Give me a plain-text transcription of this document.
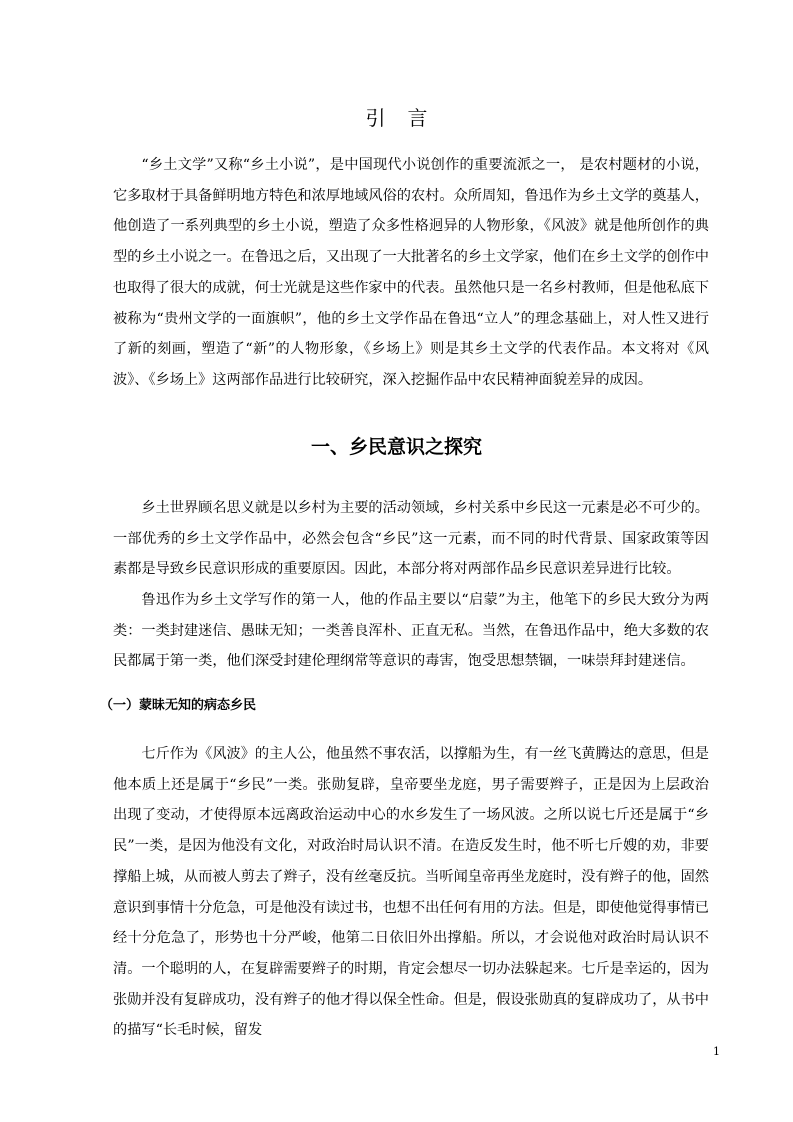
引言

“乡土文学”又称“乡土小说”，是中国现代小说创作的重要流派之一， 是农村题材的小说，它多取材于具备鲜明地方特色和浓厚地域风俗的农村。众所周知，鲁迅作为乡土文学的奠基人，他创造了一系列典型的乡土小说，塑造了众多性格迥异的人物形象，《风波》就是他所创作的典型的乡土小说之一。在鲁迅之后，又出现了一大批著名的乡土文学家，他们在乡土文学的创作中也取得了很大的成就，何士光就是这些作家中的代表。虽然他只是一名乡村教师，但是他私底下被称为“贵州文学的一面旗帜”，他的乡土文学作品在鲁迅“立人”的理念基础上，对人性又进行了新的刻画，塑造了“新”的人物形象，《乡场上》则是其乡土文学的代表作品。本文将对《风波》、《乡场上》这两部作品进行比较研究，深入挖掘作品中农民精神面貌差异的成因。

一、乡民意识之探究

乡土世界顾名思义就是以乡村为主要的活动领域，乡村关系中乡民这一元素是必不可少的。一部优秀的乡土文学作品中，必然会包含“乡民”这一元素，而不同的时代背景、国家政策等因素都是导致乡民意识形成的重要原因。因此，本部分将对两部作品乡民意识差异进行比较。

鲁迅作为乡土文学写作的第一人，他的作品主要以“启蒙”为主，他笔下的乡民大致分为两类：一类封建迷信、愚昧无知；一类善良浑朴、正直无私。当然，在鲁迅作品中，绝大多数的农民都属于第一类，他们深受封建伦理纲常等意识的毒害，饱受思想禁锢，一味崇拜封建迷信。

（一）蒙昧无知的病态乡民

七斤作为《风波》的主人公，他虽然不事农活，以撑船为生，有一丝飞黄腾达的意思，但是他本质上还是属于“乡民”一类。张勋复辟，皇帝要坐龙庭，男子需要辫子，正是因为上层政治出现了变动，才使得原本远离政治运动中心的水乡发生了一场风波。之所以说七斤还是属于“乡民”一类，是因为他没有文化，对政治时局认识不清。在造反发生时，他不听七斤嫂的劝，非要撑船上城，从而被人剪去了辫子，没有丝毫反抗。当听闻皇帝再坐龙庭时，没有辫子的他，固然意识到事情十分危急，可是他没有读过书，也想不出任何有用的方法。但是，即使他觉得事情已经十分危急了，形势也十分严峻，他第二日依旧外出撑船。所以，才会说他对政治时局认识不清。一个聪明的人，在复辟需要辫子的时期，肯定会想尽一切办法躲起来。七斤是幸运的，因为张勋并没有复辟成功，没有辫子的他才得以保全性命。但是，假设张勋真的复辟成功了，从书中的描写“长毛时候，留发

1
